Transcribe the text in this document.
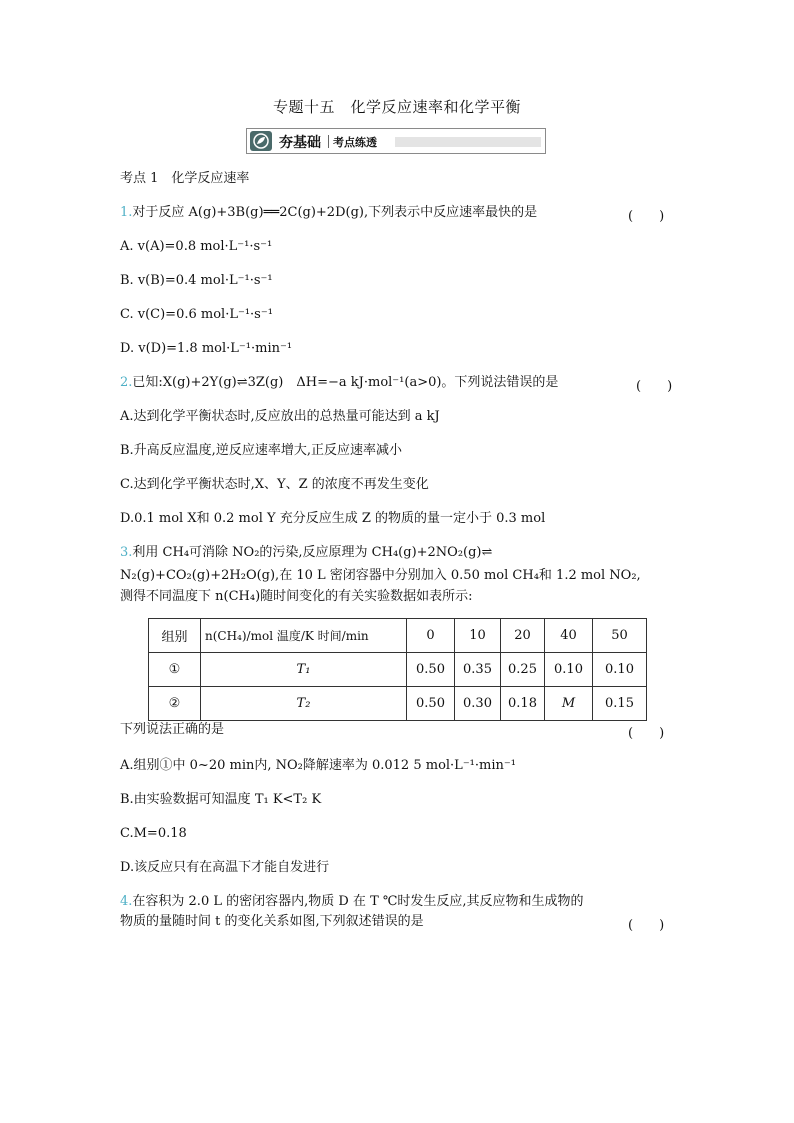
专题十五　化学反应速率和化学平衡
夯基础 考点练透
考点 1　化学反应速率
1.对于反应 A(g)+3B(g)══2C(g)+2D(g),下列表示中反应速率最快的是	(　　)
A. v(A)=0.8 mol·L⁻¹·s⁻¹
B. v(B)=0.4 mol·L⁻¹·s⁻¹
C. v(C)=0.6 mol·L⁻¹·s⁻¹
D. v(D)=1.8 mol·L⁻¹·min⁻¹
2.已知:X(g)+2Y(g)⇌3Z(g)　ΔH=−a kJ·mol⁻¹(a>0)。下列说法错误的是	(　　)
A.达到化学平衡状态时,反应放出的总热量可能达到 a kJ
B.升高反应温度,逆反应速率增大,正反应速率减小
C.达到化学平衡状态时,X、Y、Z 的浓度不再发生变化
D.0.1 mol X和 0.2 mol Y 充分反应生成 Z 的物质的量一定小于 0.3 mol
3.利用 CH₄可消除 NO₂的污染,反应原理为 CH₄(g)+2NO₂(g)⇌
N₂(g)+CO₂(g)+2H₂O(g),在 10 L 密闭容器中分别加入 0.50 mol CH₄和 1.2 mol NO₂,
测得不同温度下 n(CH₄)随时间变化的有关实验数据如表所示:
组别	n(CH₄)/mol 温度/K 时间/min	0	10	20	40	50
①	T₁	0.50	0.35	0.25	0.10	0.10
②	T₂	0.50	0.30	0.18	M	0.15
下列说法正确的是	(　　)
A.组别①中 0~20 min内, NO₂降解速率为 0.012 5 mol·L⁻¹·min⁻¹
B.由实验数据可知温度 T₁ K<T₂ K
C.M=0.18
D.该反应只有在高温下才能自发进行
4.在容积为 2.0 L 的密闭容器内,物质 D 在 T ℃时发生反应,其反应物和生成物的
物质的量随时间 t 的变化关系如图,下列叙述错误的是	(　　)
